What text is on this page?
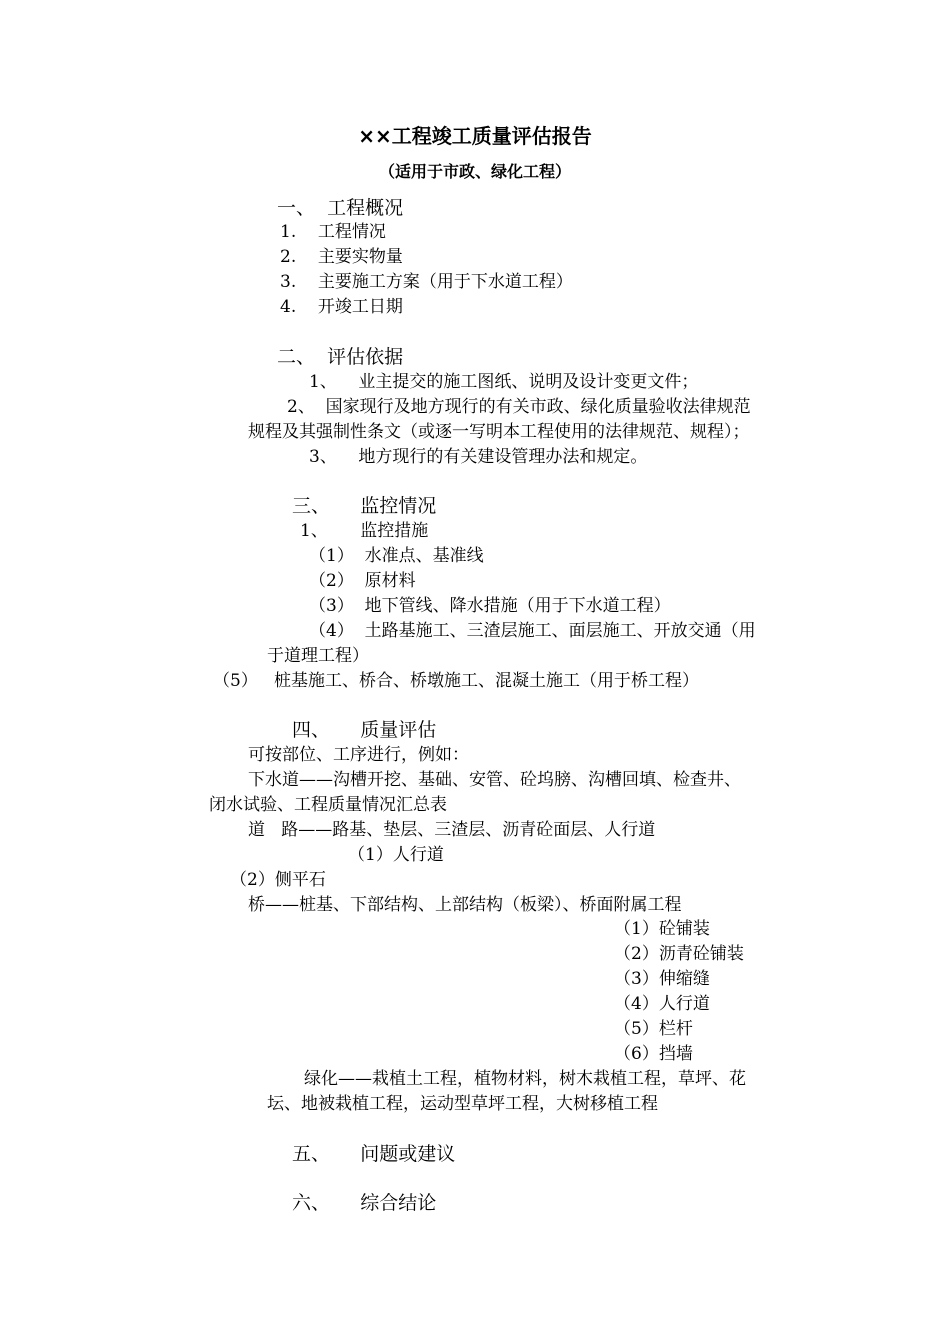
××工程竣工质量评估报告
（适用于市政、绿化工程）
一、  工程概况
1.    工程情况
2.    主要实物量
3.    主要施工方案（用于下水道工程）
4.    开竣工日期
二、  评估依据
1、    业主提交的施工图纸、说明及设计变更文件；
2、  国家现行及地方现行的有关市政、绿化质量验收法律规范
规程及其强制性条文（或逐一写明本工程使用的法律规范、规程）；
3、    地方现行的有关建设管理办法和规定。
三、     监控情况
1、      监控措施
（1）  水准点、基准线
（2）  原材料
（3）  地下管线、降水措施（用于下水道工程）
（4）  土路基施工、三渣层施工、面层施工、开放交通（用
于道理工程）
（5）   桩基施工、桥合、桥墩施工、混凝土施工（用于桥工程）
四、     质量评估
可按部位、工序进行，例如：
下水道——沟槽开挖、基础、安管、砼坞膀、沟槽回填、检查井、
闭水试验、工程质量情况汇总表
道   路——路基、垫层、三渣层、沥青砼面层、人行道
（1）人行道
（2）侧平石
桥——桩基、下部结构、上部结构（板梁）、桥面附属工程
（1）砼铺装
（2）沥青砼铺装
（3）伸缩缝
（4）人行道
（5）栏杆
（6）挡墙
绿化——栽植土工程，植物材料，树木栽植工程，草坪、花
坛、地被栽植工程，运动型草坪工程，大树移植工程
五、     问题或建议
六、     综合结论
